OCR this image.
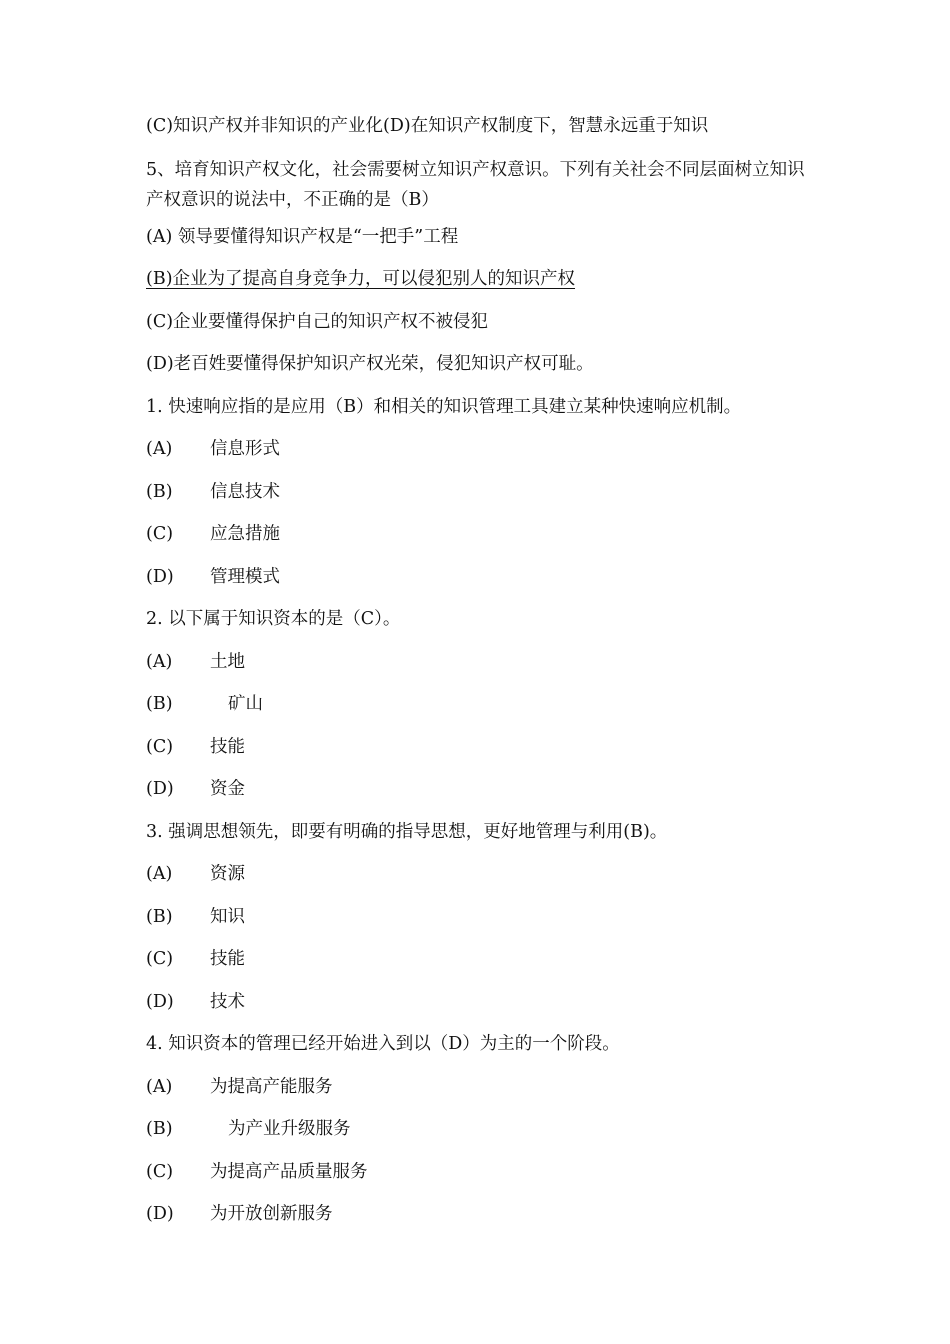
(C)知识产权并非知识的产业化(D)在知识产权制度下，智慧永远重于知识
5、培育知识产权文化，社会需要树立知识产权意识。下列有关社会不同层面树立知识产权意识的说法中，不正确的是（B）
(A) 领导要懂得知识产权是“一把手”工程
(B)企业为了提高自身竞争力，可以侵犯别人的知识产权
(C)企业要懂得保护自己的知识产权不被侵犯
(D)老百姓要懂得保护知识产权光荣，侵犯知识产权可耻。
1. 快速响应指的是应用（B）和相关的知识管理工具建立某种快速响应机制。
(A) 信息形式
(B) 信息技术
(C) 应急措施
(D) 管理模式
2. 以下属于知识资本的是（C）。
(A) 土地
(B)	矿山
(C) 技能
(D) 资金
3. 强调思想领先，即要有明确的指导思想，更好地管理与利用(B)。
(A) 资源
(B) 知识
(C) 技能
(D) 技术
4. 知识资本的管理已经开始进入到以（D）为主的一个阶段。
(A) 为提高产能服务
(B)	为产业升级服务
(C) 为提高产品质量服务
(D) 为开放创新服务
